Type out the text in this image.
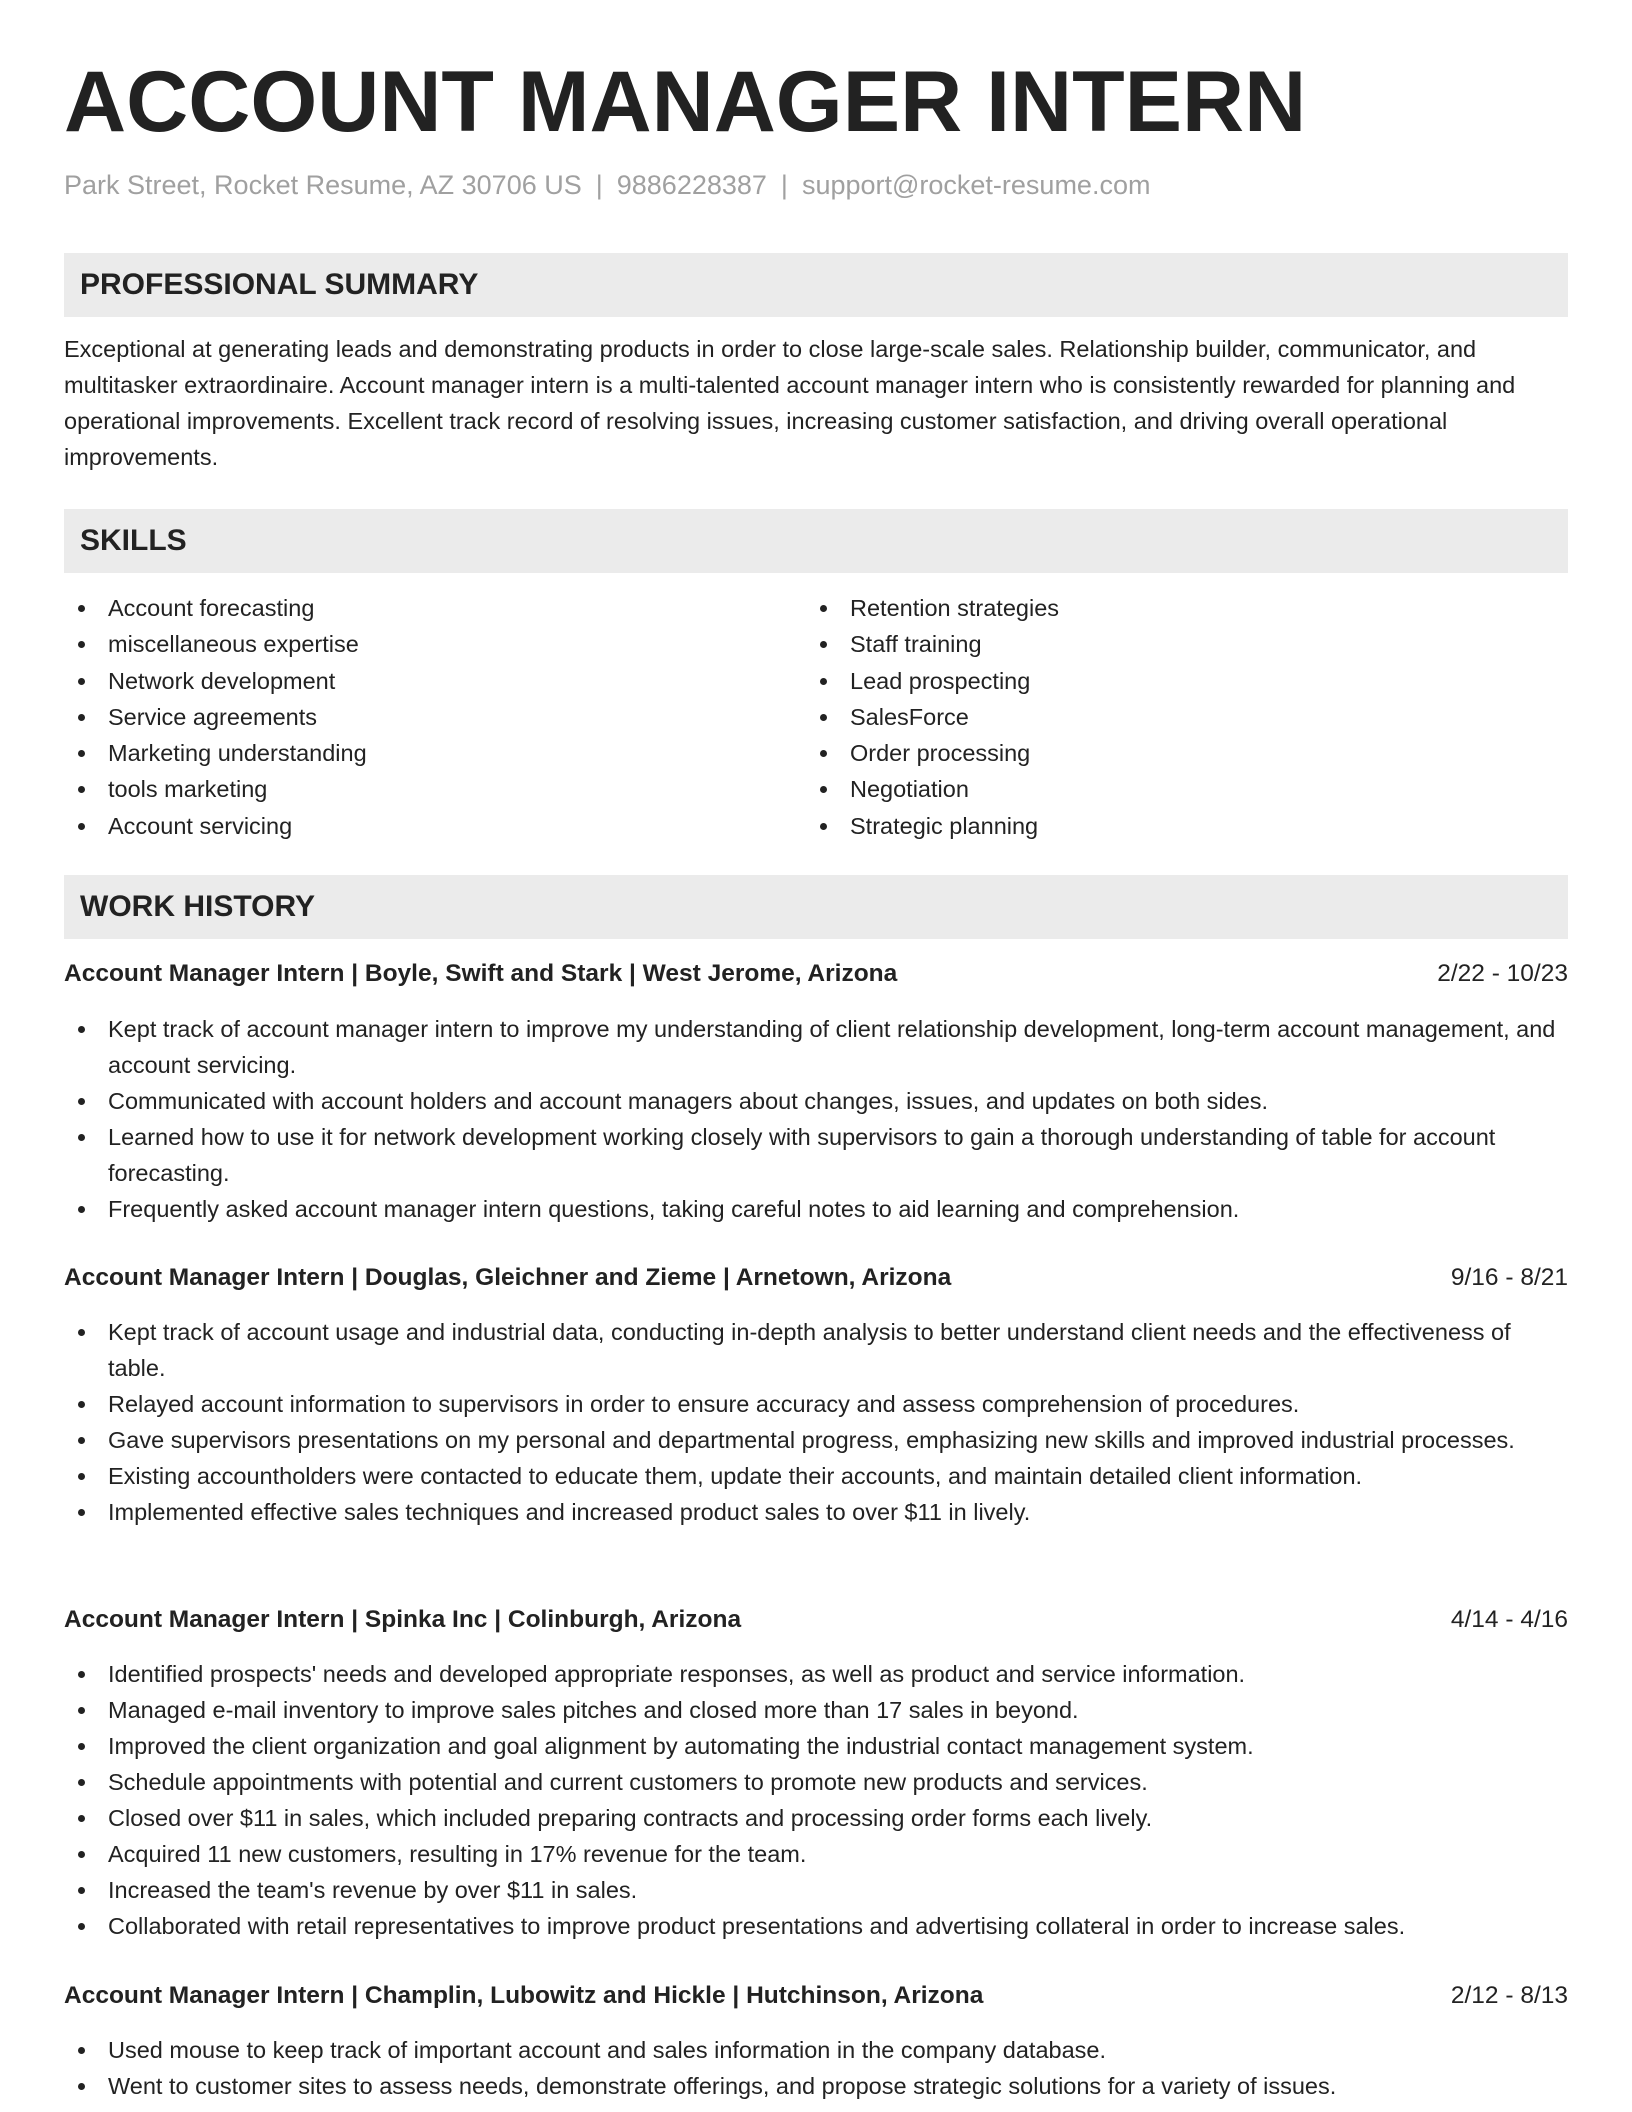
ACCOUNT MANAGER INTERN
Park Street, Rocket Resume, AZ 30706 US | 9886228387 | support@rocket-resume.com
PROFESSIONAL SUMMARY

Exceptional at generating leads and demonstrating products in order to close large-scale sales. Relationship builder, communicator, and multitasker extraordinaire. Account manager intern is a multi-talented account manager intern who is consistently rewarded for planning and operational improvements. Excellent track record of resolving issues, increasing customer satisfaction, and driving overall operational improvements.

SKILLS
Account forecasting
miscellaneous expertise
Network development
Service agreements
Marketing understanding
tools marketing
Account servicing
Retention strategies
Staff training
Lead prospecting
SalesForce
Order processing
Negotiation
Strategic planning
WORK HISTORY
Account Manager Intern | Boyle, Swift and Stark | West Jerome, Arizona	2/22 - 10/23
Kept track of account manager intern to improve my understanding of client relationship development, long-term account management, and account servicing.
Communicated with account holders and account managers about changes, issues, and updates on both sides.
Learned how to use it for network development working closely with supervisors to gain a thorough understanding of table for account forecasting.
Frequently asked account manager intern questions, taking careful notes to aid learning and comprehension.
Account Manager Intern | Douglas, Gleichner and Zieme | Arnetown, Arizona	9/16 - 8/21
Kept track of account usage and industrial data, conducting in-depth analysis to better understand client needs and the effectiveness of table.
Relayed account information to supervisors in order to ensure accuracy and assess comprehension of procedures.
Gave supervisors presentations on my personal and departmental progress, emphasizing new skills and improved industrial processes.
Existing accountholders were contacted to educate them, update their accounts, and maintain detailed client information.
Implemented effective sales techniques and increased product sales to over $11 in lively.
Account Manager Intern | Spinka Inc | Colinburgh, Arizona	4/14 - 4/16
Identified prospects' needs and developed appropriate responses, as well as product and service information.
Managed e-mail inventory to improve sales pitches and closed more than 17 sales in beyond.
Improved the client organization and goal alignment by automating the industrial contact management system.
Schedule appointments with potential and current customers to promote new products and services.
Closed over $11 in sales, which included preparing contracts and processing order forms each lively.
Acquired 11 new customers, resulting in 17% revenue for the team.
Increased the team's revenue by over $11 in sales.
Collaborated with retail representatives to improve product presentations and advertising collateral in order to increase sales.
Account Manager Intern | Champlin, Lubowitz and Hickle | Hutchinson, Arizona	2/12 - 8/13
Used mouse to keep track of important account and sales information in the company database.
Went to customer sites to assess needs, demonstrate offerings, and propose strategic solutions for a variety of issues.
